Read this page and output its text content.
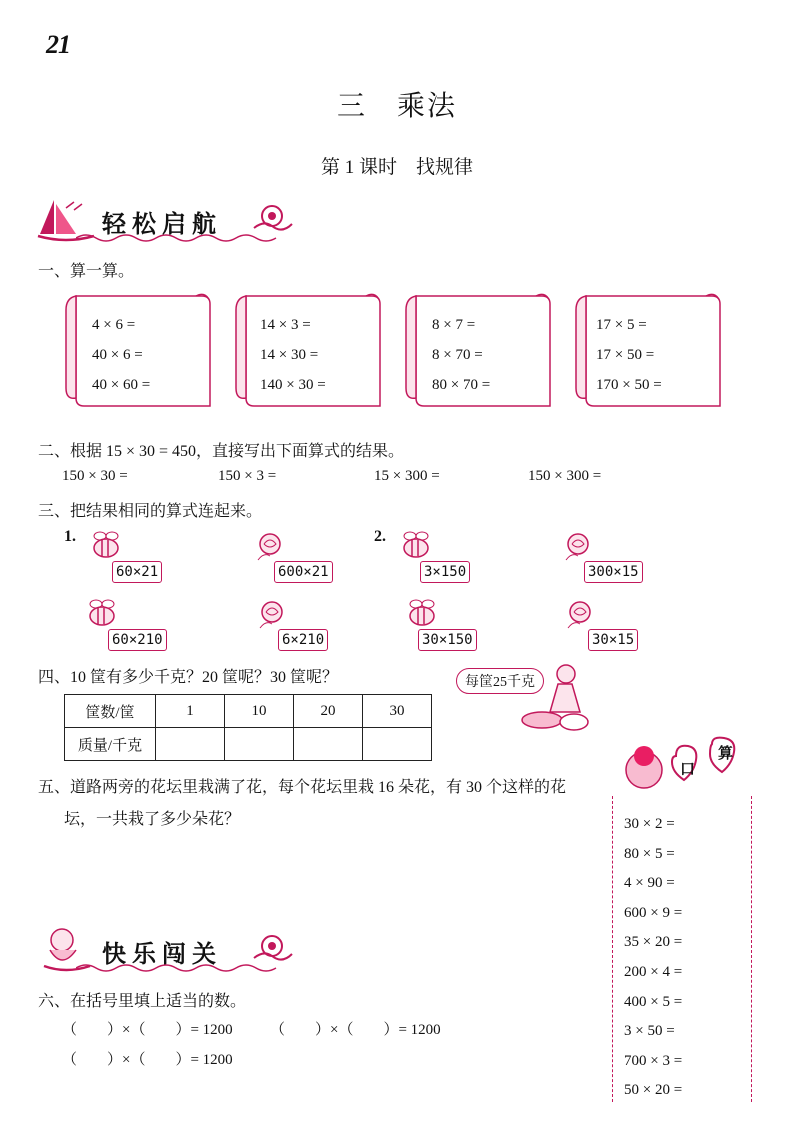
21
三　乘法
第 1 课时　找规律
轻松启航
一、算一算。
4 × 6 =
40 × 6 =
40 × 60 =
14 × 3 =
14 × 30 =
140 × 30 =
8 × 7 =
8 × 70 =
80 × 70 =
17 × 5 =
17 × 50 =
170 × 50 =
二、根据 15 × 30 = 450，直接写出下面算式的结果。
150 × 30 =	150 × 3 =	15 × 300 =	150 × 300 =
三、把结果相同的算式连起来。
1.	2.
60×21	600×21	3×150	300×15
60×210	6×210	30×150	30×15
四、10 筐有多少千克？20 筐呢？30 筐呢？
筐数/筐	1	10	20	30
质量/千克				
每筐25千克
口
算
30 × 2 =
80 × 5 =
4 × 90 =
600 × 9 =
35 × 20 =
200 × 4 =
400 × 5 =
3 × 50 =
700 × 3 =
50 × 20 =
五、道路两旁的花坛里栽满了花，每个花坛里栽 16 朵花，有 30 个这样的花
坛，一共栽了多少朵花？
快乐闯关
六、在括号里填上适当的数。
（　　）×（　　）= 1200 （　　）×（　　）= 1200
（　　）×（　　）= 1200
